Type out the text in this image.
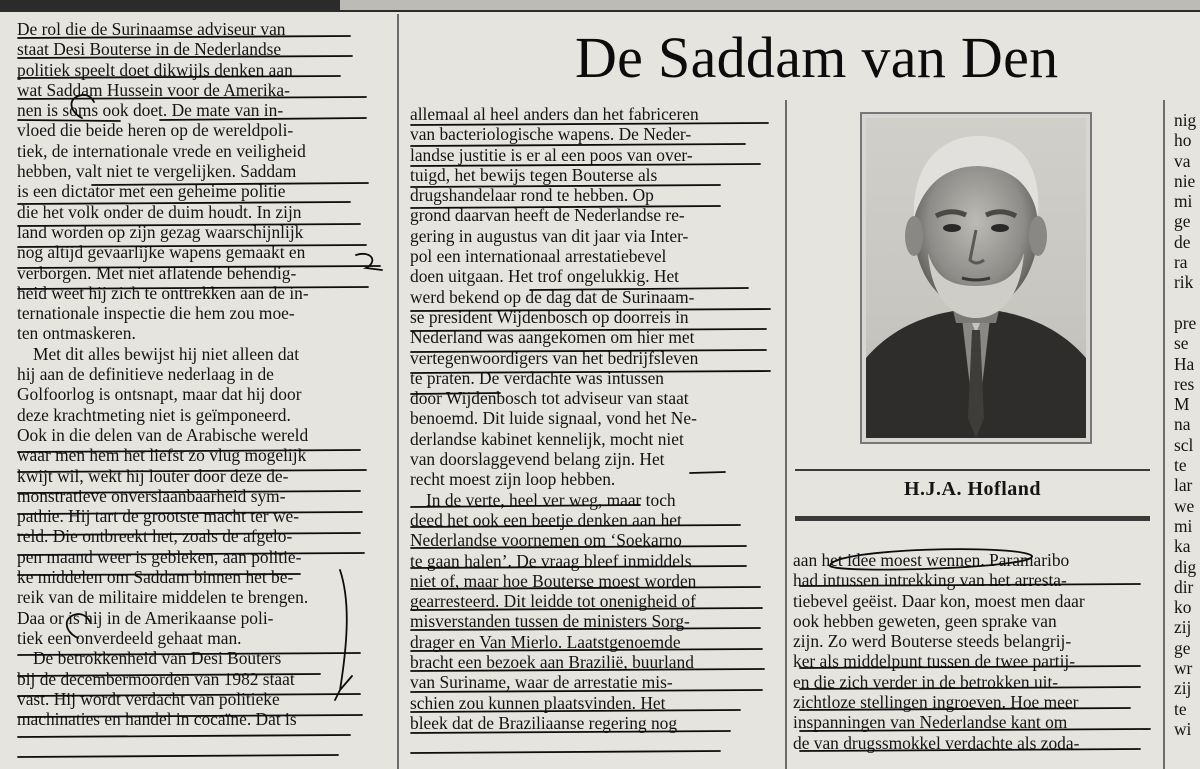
De rol die de Surinaamse adviseur van
staat Desi Bouterse in de Nederlandse
politiek speelt doet dikwijls denken aan
wat Saddam Hussein voor de Amerika-
nen is soms ook doet. De mate van in-
vloed die beide heren op de wereldpoli-
tiek, de internationale vrede en veiligheid
hebben, valt niet te vergelijken. Saddam
is een dictator met een geheime politie
die het volk onder de duim houdt. In zijn
land worden op zijn gezag waarschijnlijk
nog altijd gevaarlijke wapens gemaakt en
verborgen. Met niet aflatende behendig-
heid weet hij zich te onttrekken aan de in-
ternationale inspectie die hem zou moe-
ten ontmaskeren.
Met dit alles bewijst hij niet alleen dat
hij aan de definitieve nederlaag in de
Golfoorlog is ontsnapt, maar dat hij door
deze krachtmeting niet is geïmponeerd.
Ook in die delen van de Arabische wereld
waar men hem het liefst zo vlug mogelijk
kwijt wil, wekt hij louter door deze de-
monstratieve onverslaanbaarheid sym-
pathie. Hij tart de grootste macht ter we-
reld. Die ontbreekt het, zoals de afgelo-
pen maand weer is gebleken, aan politie-
ke middelen om Saddam binnen het be-
reik van de militaire middelen te brengen.
Daa or is hij in de Amerikaanse poli-
tiek een onverdeeld gehaat man.
De betrokkenheid van Desi Bouters
bij de decembermoorden van 1982 staat
vast. Hij wordt verdacht van politieke
machinaties en handel in cocaïne. Dat is
De Saddam van Den
allemaal al heel anders dan het fabriceren
van bacteriologische wapens. De Neder-
landse justitie is er al een poos van over-
tuigd, het bewijs tegen Bouterse als
drugshandelaar rond te hebben. Op
grond daarvan heeft de Nederlandse re-
gering in augustus van dit jaar via Inter-
pol een internationaal arrestatiebevel
doen uitgaan. Het trof ongelukkig. Het
werd bekend op de dag dat de Surinaam-
se president Wijdenbosch op doorreis in
Nederland was aangekomen om hier met
vertegenwoordigers van het bedrijfsleven
te praten. De verdachte was intussen
door Wijdenbosch tot adviseur van staat
benoemd. Dit luide signaal, vond het Ne-
derlandse kabinet kennelijk, mocht niet
van doorslaggevend belang zijn. Het
recht moest zijn loop hebben.
In de verte, heel ver weg, maar toch
deed het ook een beetje denken aan het
Nederlandse voornemen om ‘Soekarno
te gaan halen’. De vraag bleef inmiddels
niet of, maar hoe Bouterse moest worden
gearresteerd. Dit leidde tot onenigheid of
misverstanden tussen de ministers Sorg-
drager en Van Mierlo. Laatstgenoemde
bracht een bezoek aan Brazilië, buurland
van Suriname, waar de arrestatie mis-
schien zou kunnen plaatsvinden. Het
bleek dat de Braziliaanse regering nog
H.J.A. Hofland
aan het idee moest wennen. Paramaribo
had intussen intrekking van het arresta-
tiebevel geëist. Daar kon, moest men daar
ook hebben geweten, geen sprake van
zijn. Zo werd Bouterse steeds belangrij-
ker als middelpunt tussen de twee partij-
en die zich verder in de betrokken uit-
zichtloze stellingen ingroeven. Hoe meer
inspanningen van Nederlandse kant om
de van drugssmokkel verdachte als zoda-
nig
ho
va
nie
mi
ge
de
ra
rik
pre
se
Ha
res
M
na
scl
te
lar
we
mi
ka
dig
dir
ko
zij
ge
wr
zij
te
wi
